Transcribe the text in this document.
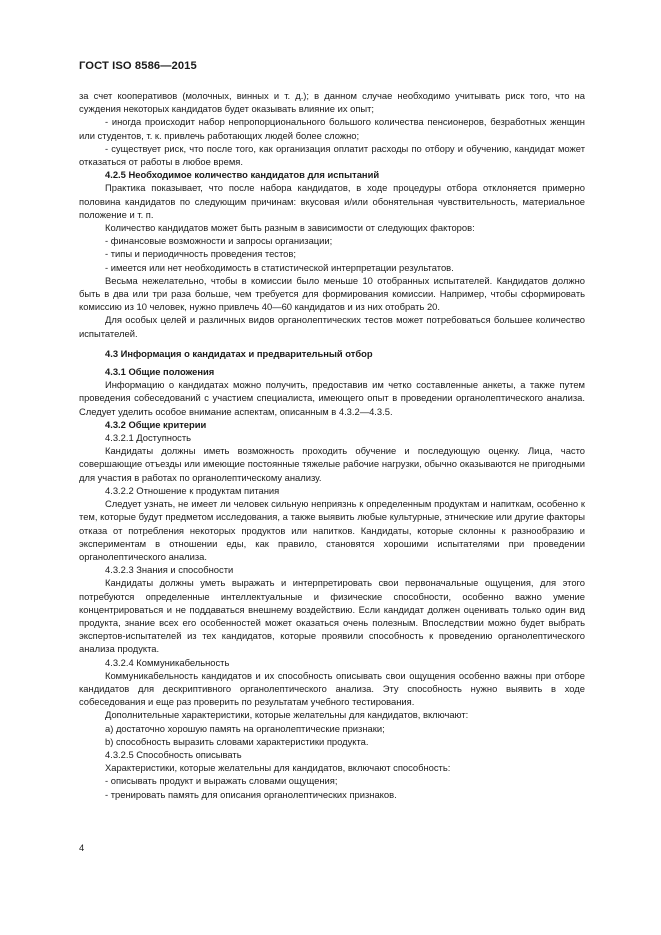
ГОСТ ISO 8586—2015

за счет кооперативов (молочных, винных и т. д.); в данном случае необходимо учитывать риск того, что на суждения некоторых кандидатов будет оказывать влияние их опыт;

- иногда происходит набор непропорционального большого количества пенсионеров, безработных женщин или студентов, т. к. привлечь работающих людей более сложно;

- существует риск, что после того, как организация оплатит расходы по отбору и обучению, кандидат может отказаться от работы в любое время.

4.2.5 Необходимое количество кандидатов для испытаний

Практика показывает, что после набора кандидатов, в ходе процедуры отбора отклоняется примерно половина кандидатов по следующим причинам: вкусовая и/или обонятельная чувствительность, материальное положение и т. п.

Количество кандидатов может быть разным в зависимости от следующих факторов:

- финансовые возможности и запросы организации;

- типы и периодичность проведения тестов;

- имеется или нет необходимость в статистической интерпретации результатов.

Весьма нежелательно, чтобы в комиссии было меньше 10 отобранных испытателей. Кандидатов должно быть в два или три раза больше, чем требуется для формирования комиссии. Например, чтобы сформировать комиссию из 10 человек, нужно привлечь 40—60 кандидатов и из них отобрать 20.

Для особых целей и различных видов органолептических тестов может потребоваться большее количество испытателей.

4.3 Информация о кандидатах и предварительный отбор

4.3.1 Общие положения

Информацию о кандидатах можно получить, предоставив им четко составленные анкеты, а также путем проведения собеседований с участием специалиста, имеющего опыт в проведении органолептического анализа. Следует уделить особое внимание аспектам, описанным в 4.3.2—4.3.5.

4.3.2 Общие критерии

4.3.2.1 Доступность

Кандидаты должны иметь возможность проходить обучение и последующую оценку. Лица, часто совершающие отъезды или имеющие постоянные тяжелые рабочие нагрузки, обычно оказываются не пригодными для участия в работах по органолептическому анализу.

4.3.2.2 Отношение к продуктам питания

Следует узнать, не имеет ли человек сильную неприязнь к определенным продуктам и напиткам, особенно к тем, которые будут предметом исследования, а также выявить любые культурные, этнические или другие факторы отказа от потребления некоторых продуктов или напитков. Кандидаты, которые склонны к разнообразию и экспериментам в отношении еды, как правило, становятся хорошими испытателями при проведении органолептического анализа.

4.3.2.3 Знания и способности

Кандидаты должны уметь выражать и интерпретировать свои первоначальные ощущения, для этого потребуются определенные интеллектуальные и физические способности, особенно важно умение концентрироваться и не поддаваться внешнему воздействию. Если кандидат должен оценивать только один вид продукта, знание всех его особенностей может оказаться очень полезным. Впоследствии можно будет выбрать экспертов-испытателей из тех кандидатов, которые проявили способность к проведению органолептического анализа продукта.

4.3.2.4 Коммуникабельность

Коммуникабельность кандидатов и их способность описывать свои ощущения особенно важны при отборе кандидатов для дескриптивного органолептического анализа. Эту способность нужно выявить в ходе собеседования и еще раз проверить по результатам учебного тестирования.

Дополнительные характеристики, которые желательны для кандидатов, включают:

a) достаточно хорошую память на органолептические признаки;

b) способность выразить словами характеристики продукта.

4.3.2.5 Способность описывать

Характеристики, которые желательны для кандидатов, включают способность:

- описывать продукт и выражать словами ощущения;

- тренировать память для описания органолептических признаков.

4
